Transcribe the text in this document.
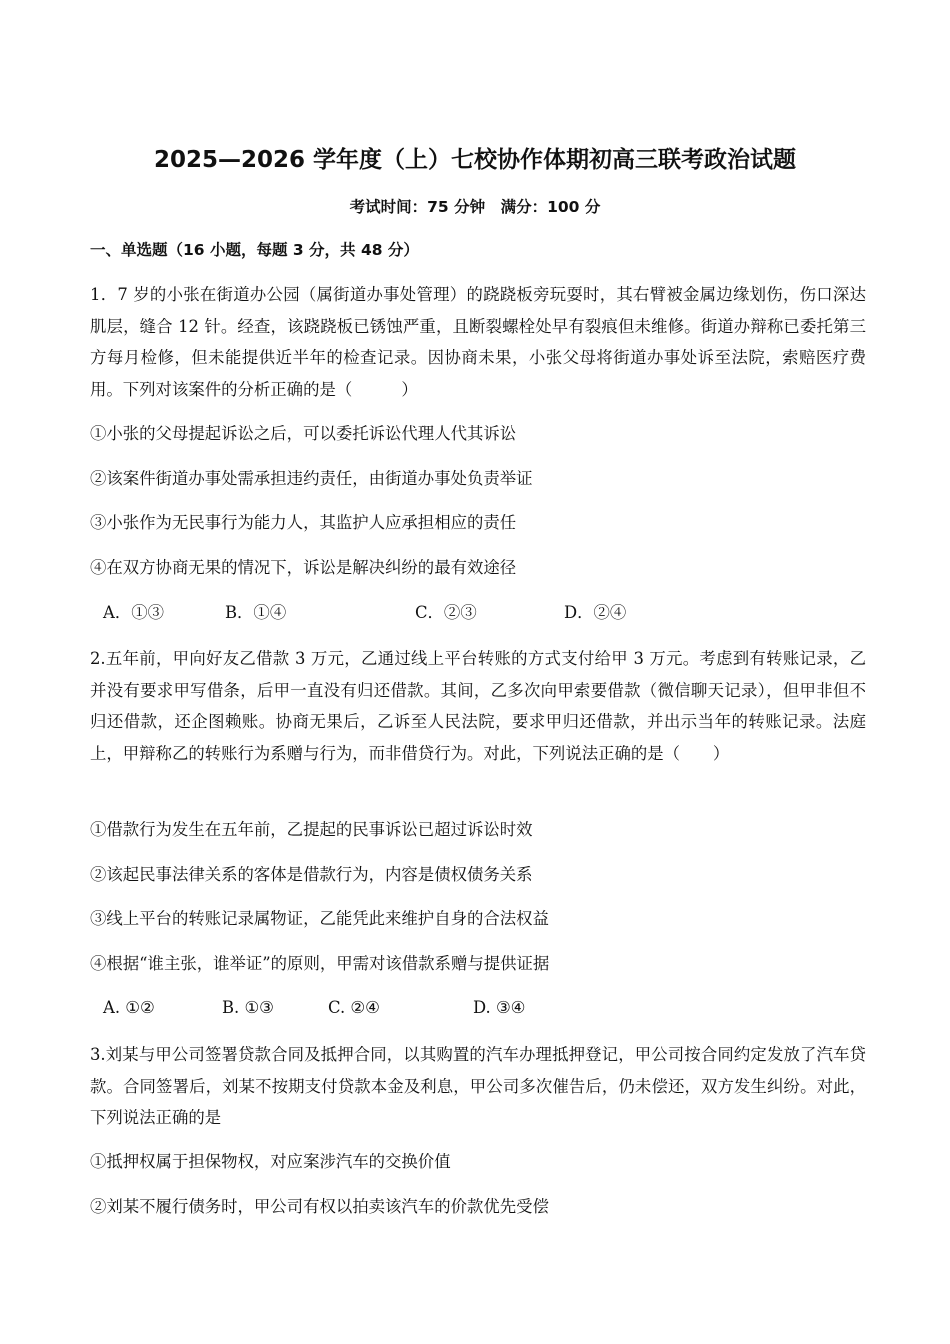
2025—2026 学年度（上）七校协作体期初高三联考政治试题

考试时间：75 分钟　满分：100 分

一、单选题（16 小题，每题 3 分，共 48 分）

1．7 岁的小张在街道办公园（属街道办事处管理）的跷跷板旁玩耍时，其右臂被金属边缘划伤，伤口深达肌层，缝合 12 针。经查，该跷跷板已锈蚀严重，且断裂螺栓处早有裂痕但未维修。街道办辩称已委托第三方每月检修，但未能提供近半年的检查记录。因协商未果，小张父母将街道办事处诉至法院，索赔医疗费用。下列对该案件的分析正确的是（　　　）

①小张的父母提起诉讼之后，可以委托诉讼代理人代其诉讼

②该案件街道办事处需承担违约责任，由街道办事处负责举证

③小张作为无民事行为能力人，其监护人应承担相应的责任

④在双方协商无果的情况下，诉讼是解决纠纷的最有效途径

A．①③	B．①④	C．②③	D．②④

2.五年前，甲向好友乙借款 3 万元，乙通过线上平台转账的方式支付给甲 3 万元。考虑到有转账记录，乙并没有要求甲写借条，后甲一直没有归还借款。其间，乙多次向甲索要借款（微信聊天记录），但甲非但不归还借款，还企图赖账。协商无果后，乙诉至人民法院，要求甲归还借款，并出示当年的转账记录。法庭上，甲辩称乙的转账行为系赠与行为，而非借贷行为。对此，下列说法正确的是（　　）

①借款行为发生在五年前，乙提起的民事诉讼已超过诉讼时效

②该起民事法律关系的客体是借款行为，内容是债权债务关系

③线上平台的转账记录属物证，乙能凭此来维护自身的合法权益

④根据“谁主张，谁举证”的原则，甲需对该借款系赠与提供证据

A. ①②	B. ①③	C. ②④	D. ③④

3.刘某与甲公司签署贷款合同及抵押合同，以其购置的汽车办理抵押登记，甲公司按合同约定发放了汽车贷款。合同签署后，刘某不按期支付贷款本金及利息，甲公司多次催告后，仍未偿还，双方发生纠纷。对此，下列说法正确的是

①抵押权属于担保物权，对应案涉汽车的交换价值

②刘某不履行债务时，甲公司有权以拍卖该汽车的价款优先受偿
